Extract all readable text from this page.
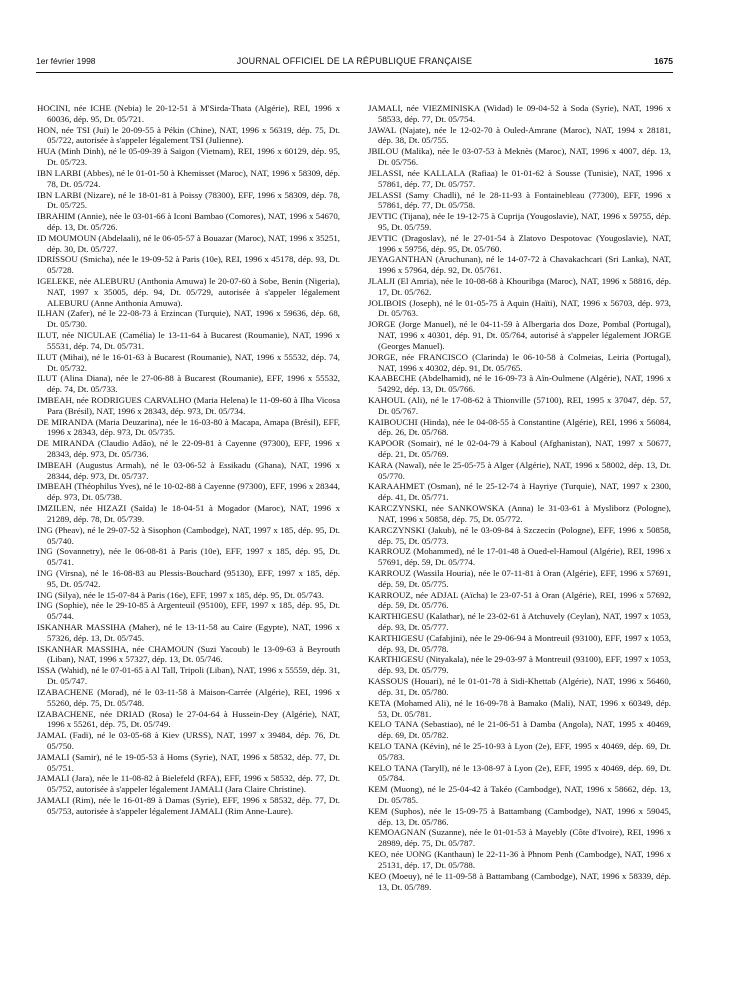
1er février 1998	JOURNAL OFFICIEL DE LA RÉPUBLIQUE FRANÇAISE	1675

HOCINI, née ICHE (Nebia) le 20-12-51 à M'Sirda-Thata (Algérie), REI, 1996 x 60036, dép. 95, Dt. 05/721.

HON, née TSI (Jui) le 20-09-55 à Pékin (Chine), NAT, 1996 x 56319, dép. 75, Dt. 05/722, autorisée à s'appeler légalement TSI (Julienne).

HUA (Minh Dinh), né le 05-09-39 à Saigon (Vietnam), REI, 1996 x 60129, dép. 95, Dt. 05/723.

IBN LARBI (Abbes), né le 01-01-50 à Khemisset (Maroc), NAT, 1996 x 58309, dép. 78, Dt. 05/724.

IBN LARBI (Nizare), né le 18-01-81 à Poissy (78300), EFF, 1996 x 58309, dép. 78, Dt. 05/725.

IBRAHIM (Annie), née le 03-01-66 à Iconi Bambao (Comores), NAT, 1996 x 54670, dép. 13, Dt. 05/726.

ID MOUMOUN (Abdelaali), né le 06-05-57 à Bouazar (Maroc), NAT, 1996 x 35251, dép. 30, Dt. 05/727.

IDRISSOU (Smicha), née le 19-09-52 à Paris (10e), REI, 1996 x 45178, dép. 93, Dt. 05/728.

IGELEKE, née ALEBURU (Anthonia Amuwa) le 20-07-60 à Sobe, Benin (Nigeria), NAT, 1997 x 35005, dép. 94, Dt. 05/729, autorisée à s'appeler légalement ALEBURU (Anne Anthonia Amuwa).

ILHAN (Zafer), né le 22-08-73 à Erzincan (Turquie), NAT, 1996 x 59636, dép. 68, Dt. 05/730.

ILUT, née NICULAE (Camélia) le 13-11-64 à Bucarest (Roumanie), NAT, 1996 x 55531, dép. 74, Dt. 05/731.

ILUT (Mihai), né le 16-01-63 à Bucarest (Roumanie), NAT, 1996 x 55532, dép. 74, Dt. 05/732.

ILUT (Alina Diana), née le 27-06-88 à Bucarest (Roumanie), EFF, 1996 x 55532, dép. 74, Dt. 05/733.

IMBEAH, née RODRIGUES CARVALHO (Maria Helena) le 11-09-60 à Ilha Vicosa Para (Brésil), NAT, 1996 x 28343, dép. 973, Dt. 05/734.

DE MIRANDA (Maria Deuzarina), née le 16-03-80 à Macapa, Amapa (Brésil), EFF, 1996 x 28343, dép. 973, Dt. 05/735.

DE MIRANDA (Claudio Adão), né le 22-09-81 à Cayenne (97300), EFF, 1996 x 28343, dép. 973, Dt. 05/736.

IMBEAH (Augustus Armah), né le 03-06-52 à Essikadu (Ghana), NAT, 1996 x 28344, dép. 973, Dt. 05/737.

IMBEAH (Théophilus Yves), né le 10-02-88 à Cayenne (97300), EFF, 1996 x 28344, dép. 973, Dt. 05/738.

IMZILEN, née HIZAZI (Saïda) le 18-04-51 à Mogador (Maroc), NAT, 1996 x 21289, dép. 78, Dt. 05/739.

ING (Pheav), né le 29-07-52 à Sisophon (Cambodge), NAT, 1997 x 185, dép. 95, Dt. 05/740.

ING (Sovannetry), née le 06-08-81 à Paris (10e), EFF, 1997 x 185, dép. 95, Dt. 05/741.

ING (Virsna), né le 16-08-83 au Plessis-Bouchard (95130), EFF, 1997 x 185, dép. 95, Dt. 05/742.

ING (Silya), née le 15-07-84 à Paris (16e), EFF, 1997 x 185, dép. 95, Dt. 05/743.

ING (Sophie), née le 29-10-85 à Argenteuil (95100), EFF, 1997 x 185, dép. 95, Dt. 05/744.

ISKANHAR MASSIHA (Maher), né le 13-11-58 au Caire (Egypte), NAT, 1996 x 57326, dép. 13, Dt. 05/745.

ISKANHAR MASSIHA, née CHAMOUN (Suzi Yacoub) le 13-09-63 à Beyrouth (Liban), NAT, 1996 x 57327, dép. 13, Dt. 05/746.

ISSA (Wahid), né le 07-01-65 à Al Tall, Tripoli (Liban), NAT, 1996 x 55559, dép. 31, Dt. 05/747.

IZABACHENE (Morad), né le 03-11-58 à Maison-Carrée (Algérie), REI, 1996 x 55260, dép. 75, Dt. 05/748.

IZABACHENE, née DRIAD (Rosa) le 27-04-64 à Hussein-Dey (Algérie), NAT, 1996 x 55261, dép. 75, Dt. 05/749.

JAMAL (Fadi), né le 03-05-68 à Kiev (URSS), NAT, 1997 x 39484, dép. 76, Dt. 05/750.

JAMALI (Samir), né le 19-05-53 à Homs (Syrie), NAT, 1996 x 58532, dép. 77, Dt. 05/751.

JAMALI (Jara), née le 11-08-82 à Bielefeld (RFA), EFF, 1996 x 58532, dép. 77, Dt. 05/752, autorisée à s'appeler légalement JAMALI (Jara Claire Christine).

JAMALI (Rim), née le 16-01-89 à Damas (Syrie), EFF, 1996 x 58532, dép. 77, Dt. 05/753, autorisée à s'appeler légalement JAMALI (Rim Anne-Laure).

JAMALI, née VIEZMINISKA (Widad) le 09-04-52 à Soda (Syrie), NAT, 1996 x 58533, dép. 77, Dt. 05/754.

JAWAL (Najate), née le 12-02-70 à Ouled-Amrane (Maroc), NAT, 1994 x 28181, dép. 38, Dt. 05/755.

JBILOU (Malika), née le 03-07-53 à Meknès (Maroc), NAT, 1996 x 4007, dép. 13, Dt. 05/756.

JELASSI, née KALLALA (Rafiaa) le 01-01-62 à Sousse (Tunisie), NAT, 1996 x 57861, dép. 77, Dt. 05/757.

JELASSI (Samy Chadli), né le 28-11-93 à Fontainebleau (77300), EFF, 1996 x 57861, dép. 77, Dt. 05/758.

JEVTIC (Tijana), née le 19-12-75 à Cuprija (Yougoslavie), NAT, 1996 x 59755, dép. 95, Dt. 05/759.

JEVTIC (Dragoslav), né le 27-01-54 à Zlatovo Despotovac (Yougoslavie), NAT, 1996 x 59756, dép. 95, Dt. 05/760.

JEYAGANTHAN (Aruchunan), né le 14-07-72 à Chavakachcari (Sri Lanka), NAT, 1996 x 57964, dép. 92, Dt. 05/761.

JLALJI (El Amria), née le 10-08-68 à Khouribga (Maroc), NAT, 1996 x 58816, dép. 17, Dt. 05/762.

JOLIBOIS (Joseph), né le 01-05-75 à Aquin (Haïti), NAT, 1996 x 56703, dép. 973, Dt. 05/763.

JORGE (Jorge Manuel), né le 04-11-59 à Albergaria dos Doze, Pombal (Portugal), NAT, 1996 x 40301, dép. 91, Dt. 05/764, autorisé à s'appeler légalement JORGE (Georges Manuel).

JORGE, née FRANCISCO (Clarinda) le 06-10-58 à Colmeias, Leiria (Portugal), NAT, 1996 x 40302, dép. 91, Dt. 05/765.

KAABECHE (Abdelhamid), né le 16-09-73 à Aïn-Oulmene (Algérie), NAT, 1996 x 54292, dép. 13, Dt. 05/766.

KAHOUL (Ali), né le 17-08-62 à Thionville (57100), REI, 1995 x 37047, dép. 57, Dt. 05/767.

KAIBOUCHI (Hinda), née le 04-08-55 à Constantine (Algérie), REI, 1996 x 56084, dép. 26, Dt. 05/768.

KAPOOR (Somair), né le 02-04-79 à Kaboul (Afghanistan), NAT, 1997 x 50677, dép. 21, Dt. 05/769.

KARA (Nawal), née le 25-05-75 à Alger (Algérie), NAT, 1996 x 58002, dép. 13, Dt. 05/770.

KARAAHMET (Osman), né le 25-12-74 à Hayriye (Turquie), NAT, 1997 x 2300, dép. 41, Dt. 05/771.

KARCZYNSKI, née SANKOWSKA (Anna) le 31-03-61 à Mysliborz (Pologne), NAT, 1996 x 50858, dép. 75, Dt. 05/772.

KARCZYNSKI (Jakub), né le 03-09-84 à Szczecin (Pologne), EFF, 1996 x 50858, dép. 75, Dt. 05/773.

KARROUZ (Mohammed), né le 17-01-48 à Oued-el-Hamoul (Algérie), REI, 1996 x 57691, dép. 59, Dt. 05/774.

KARROUZ (Wassila Houria), née le 07-11-81 à Oran (Algérie), EFF, 1996 x 57691, dép. 59, Dt. 05/775.

KARROUZ, née ADJAL (Aïcha) le 23-07-51 à Oran (Algérie), REI, 1996 x 57692, dép. 59, Dt. 05/776.

KARTHIGESU (Kalathar), né le 23-02-61 à Atchuvely (Ceylan), NAT, 1997 x 1053, dép. 93, Dt. 05/777.

KARTHIGESU (Cafabjini), née le 29-06-94 à Montreuil (93100), EFF, 1997 x 1053, dép. 93, Dt. 05/778.

KARTHIGESU (Nityakala), née le 29-03-97 à Montreuil (93100), EFF, 1997 x 1053, dép. 93, Dt. 05/779.

KASSOUS (Houari), né le 01-01-78 à Sidi-Khettab (Algérie), NAT, 1996 x 56460, dép. 31, Dt. 05/780.

KETA (Mohamed Ali), né le 16-09-78 à Bamako (Mali), NAT, 1996 x 60349, dép. 53, Dt. 05/781.

KELO TANA (Sebastiao), né le 21-06-51 à Damba (Angola), NAT, 1995 x 40469, dép. 69, Dt. 05/782.

KELO TANA (Kévin), né le 25-10-93 à Lyon (2e), EFF, 1995 x 40469, dép. 69, Dt. 05/783.

KELO TANA (Taryll), né le 13-08-97 à Lyon (2e), EFF, 1995 x 40469, dép. 69, Dt. 05/784.

KEM (Muong), né le 25-04-42 à Takéo (Cambodge), NAT, 1996 x 58662, dép. 13, Dt. 05/785.

KEM (Suphos), née le 15-09-75 à Battambang (Cambodge), NAT, 1996 x 59045, dép. 13, Dt. 05/786.

KEMOAGNAN (Suzanne), née le 01-01-53 à Mayebly (Côte d'Ivoire), REI, 1996 x 28989, dép. 75, Dt. 05/787.

KEO, née UONG (Kanthaun) le 22-11-36 à Phnom Penh (Cambodge), NAT, 1996 x 25131, dép. 17, Dt. 05/788.

KEO (Moeuy), né le 11-09-58 à Battambang (Cambodge), NAT, 1996 x 58339, dép. 13, Dt. 05/789.
